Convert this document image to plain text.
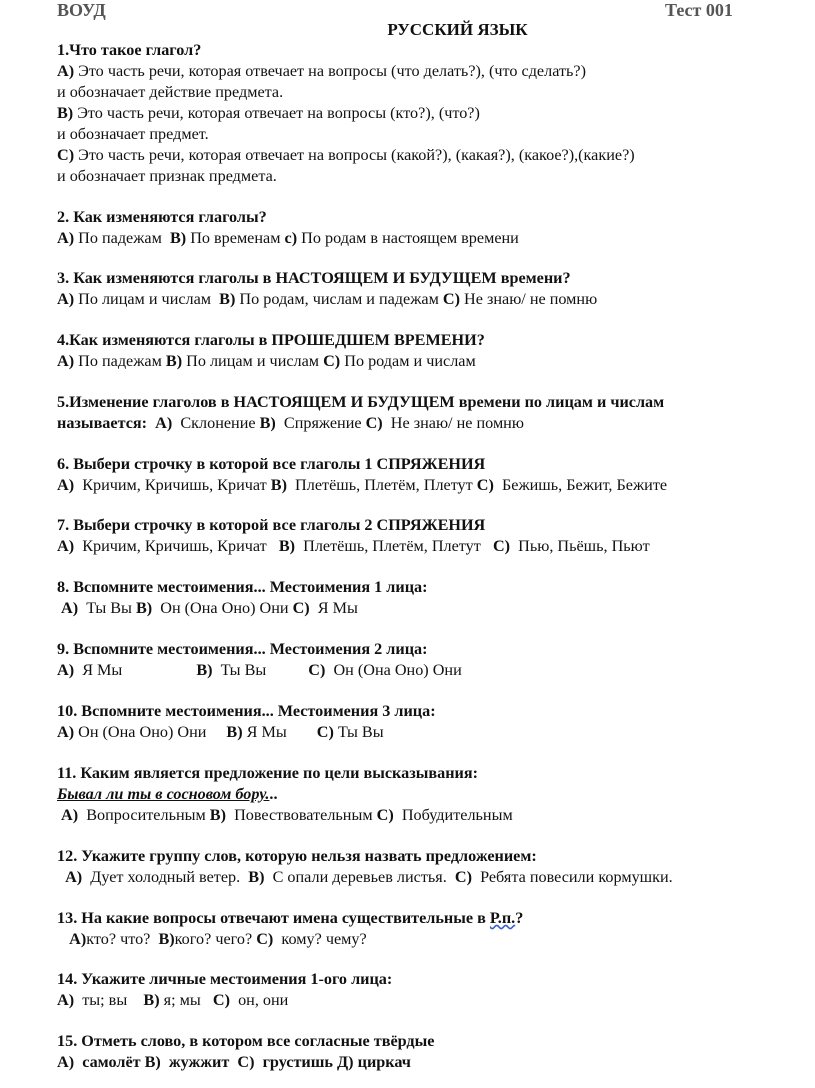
ВОУД	Тест 001
РУССКИЙ ЯЗЫК
1.Что такое глагол?
А) Это часть речи, которая отвечает на вопросы (что делать?), (что сделать?)
и обозначает действие предмета.
В) Это часть речи, которая отвечает на вопросы (кто?), (что?)
и обозначает предмет.
С) Это часть речи, которая отвечает на вопросы (какой?), (какая?), (какое?),(какие?)
и обозначает признак предмета.
2. Как изменяются глаголы?
А) По падежам В) По временам с) По родам в настоящем времени
3. Как изменяются глаголы в НАСТОЯЩЕМ И БУДУЩЕМ времени?
А) По лицам и числам В) По родам, числам и падежам С) Не знаю/ не помню
4.Как изменяются глаголы в ПРОШЕДШЕМ ВРЕМЕНИ?
А) По падежам В) По лицам и числам С) По родам и числам
5.Изменение глаголов в НАСТОЯЩЕМ И БУДУЩЕМ времени по лицам и числам
называется: А) Склонение В) Спряжение С) Не знаю/ не помню
6. Выбери строчку в которой все глаголы 1 СПРЯЖЕНИЯ
А) Кричим, Кричишь, Кричат В) Плетёшь, Плетём, Плетут С) Бежишь, Бежит, Бежите
7. Выбери строчку в которой все глаголы 2 СПРЯЖЕНИЯ
А) Кричим, Кричишь, Кричат В) Плетёшь, Плетём, Плетут С) Пью, Пьёшь, Пьют
8. Вспомните местоимения... Местоимения 1 лица:
А) Ты Вы В) Он (Она Оно) Они С) Я Мы
9. Вспомните местоимения... Местоимения 2 лица:
А) Я Мы	В) Ты Вы	С) Он (Она Оно) Они
10. Вспомните местоимения... Местоимения 3 лица:
А) Он (Она Оно) Они В) Я Мы С) Ты Вы
11. Каким является предложение по цели высказывания:
Бывал ли ты в сосновом бору...
А) Вопросительным В) Повествовательным С) Побудительным
12. Укажите группу слов, которую нельзя назвать предложением:
А) Дует холодный ветер. В) С опали деревьев листья. С) Ребята повесили кормушки.
13. На какие вопросы отвечают имена существительные в Р.п.?
А)кто? что? В)кого? чего? С) кому? чему?
14. Укажите личные местоимения 1-ого лица:
А) ты; вы В) я; мы С) он, они
15. Отметь слово, в котором все согласные твёрдые
А) самолёт В) жужжит С) грустишь Д) циркач
